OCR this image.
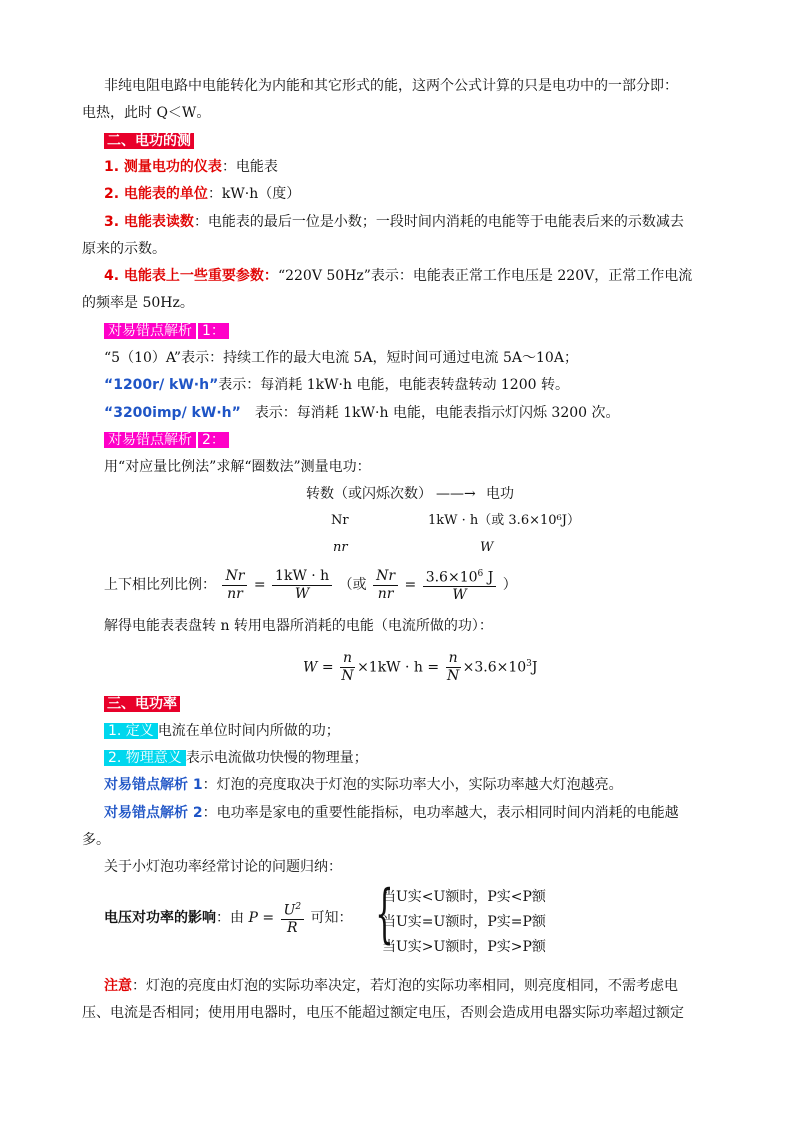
非纯电阻电路中电能转化为内能和其它形式的能，这两个公式计算的只是电功中的一部分即：
电热，此时 Q＜W。
二、电功的测
1. 测量电功的仪表：电能表
2. 电能表的单位：kW·h（度）
3. 电能表读数：电能表的最后一位是小数；一段时间内消耗的电能等于电能表后来的示数减去
原来的示数。
4. 电能表上一些重要参数：“220V 50Hz”表示：电能表正常工作电压是 220V，正常工作电流
的频率是 50Hz。
对易错点解析 1：
“5（10）A”表示：持续工作的最大电流 5A，短时间可通过电流 5A～10A；
“1200r/ kW·h”表示：每消耗 1kW·h 电能，电能表转盘转动 1200 转。
“3200imp/ kW·h” 表示：每消耗 1kW·h 电能，电能表指示灯闪烁 3200 次。
对易错点解析 2：
用“对应量比例法”求解“圈数法”测量电功：
转数（或闪烁次数） ——→ 电功
Nr	1kW · h（或 3.6×10⁶J）
nr	W
上下相比列比例： $\frac{Nr}{nr} = \frac{1kW \cdot h}{W}$ （或 $\frac{Nr}{nr} = \frac{3.6\times 10^6 J}{W}$ ）
解得电能表表盘转 n 转用电器所消耗的电能（电流所做的功）：
$W = \frac{n}{N} \times 1kW \cdot h = \frac{n}{N} \times 3.6\times 10^3J$
三、电功率
1. 定义 电流在单位时间内所做的功；
2. 物理意义 表示电流做功快慢的物理量；
对易错点解析 1：灯泡的亮度取决于灯泡的实际功率大小，实际功率越大灯泡越亮。
对易错点解析 2：电功率是家电的重要性能指标，电功率越大，表示相同时间内消耗的电能越
多。
关于小灯泡功率经常讨论的问题归纳：
电压对功率的影响：由 $P = \frac{U^2}{R}$ 可知： {
当U实<U额时，P实<P额
当U实=U额时，P实=P额
当U实>U额时，P实>P额
注意：灯泡的亮度由灯泡的实际功率决定，若灯泡的实际功率相同，则亮度相同，不需考虑电
压、电流是否相同；使用用电器时，电压不能超过额定电压，否则会造成用电器实际功率超过额定
